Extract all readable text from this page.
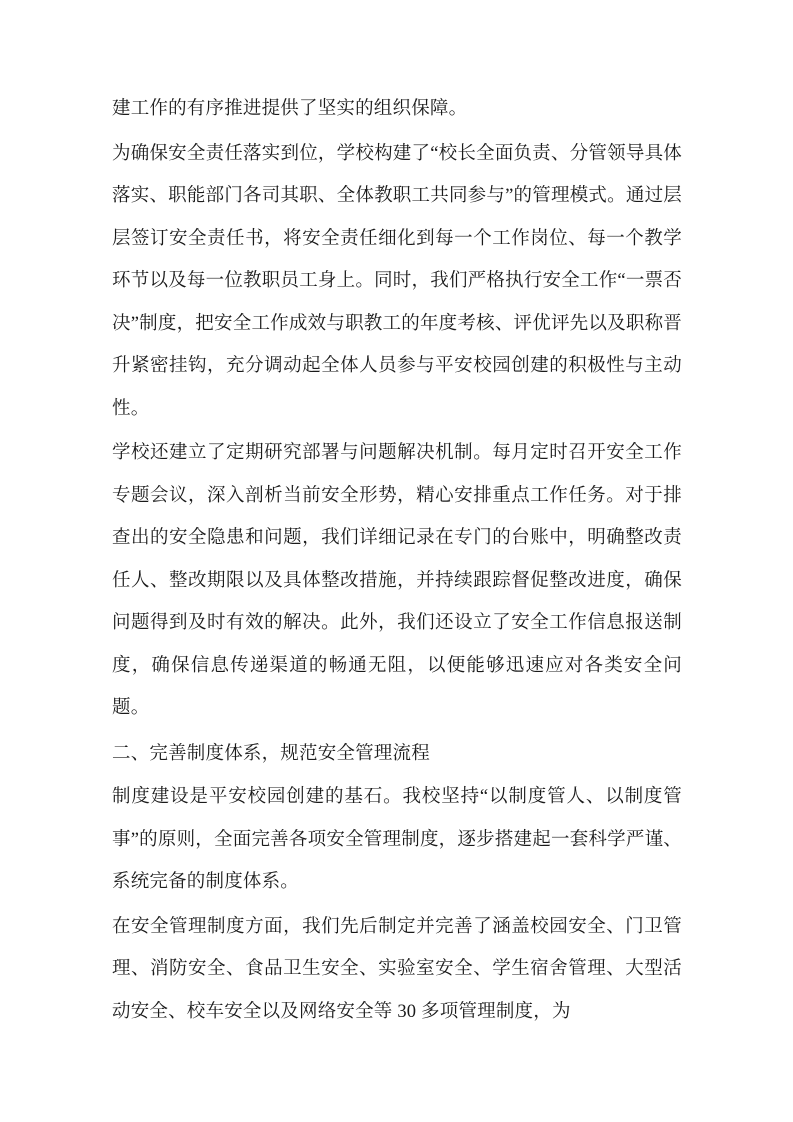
建工作的有序推进提供了坚实的组织保障。

为确保安全责任落实到位，学校构建了“校长全面负责、分管领导具体落实、职能部门各司其职、全体教职工共同参与”的管理模式。通过层层签订安全责任书，将安全责任细化到每一个工作岗位、每一个教学环节以及每一位教职员工身上。同时，我们严格执行安全工作“一票否决”制度，把安全工作成效与职教工的年度考核、评优评先以及职称晋升紧密挂钩，充分调动起全体人员参与平安校园创建的积极性与主动性。

学校还建立了定期研究部署与问题解决机制。每月定时召开安全工作专题会议，深入剖析当前安全形势，精心安排重点工作任务。对于排查出的安全隐患和问题，我们详细记录在专门的台账中，明确整改责任人、整改期限以及具体整改措施，并持续跟踪督促整改进度，确保问题得到及时有效的解决。此外，我们还设立了安全工作信息报送制度，确保信息传递渠道的畅通无阻，以便能够迅速应对各类安全问题。

二、完善制度体系，规范安全管理流程

制度建设是平安校园创建的基石。我校坚持“以制度管人、以制度管事”的原则，全面完善各项安全管理制度，逐步搭建起一套科学严谨、系统完备的制度体系。

在安全管理制度方面，我们先后制定并完善了涵盖校园安全、门卫管理、消防安全、食品卫生安全、实验室安全、学生宿舍管理、大型活动安全、校车安全以及网络安全等 30 多项管理制度，为
